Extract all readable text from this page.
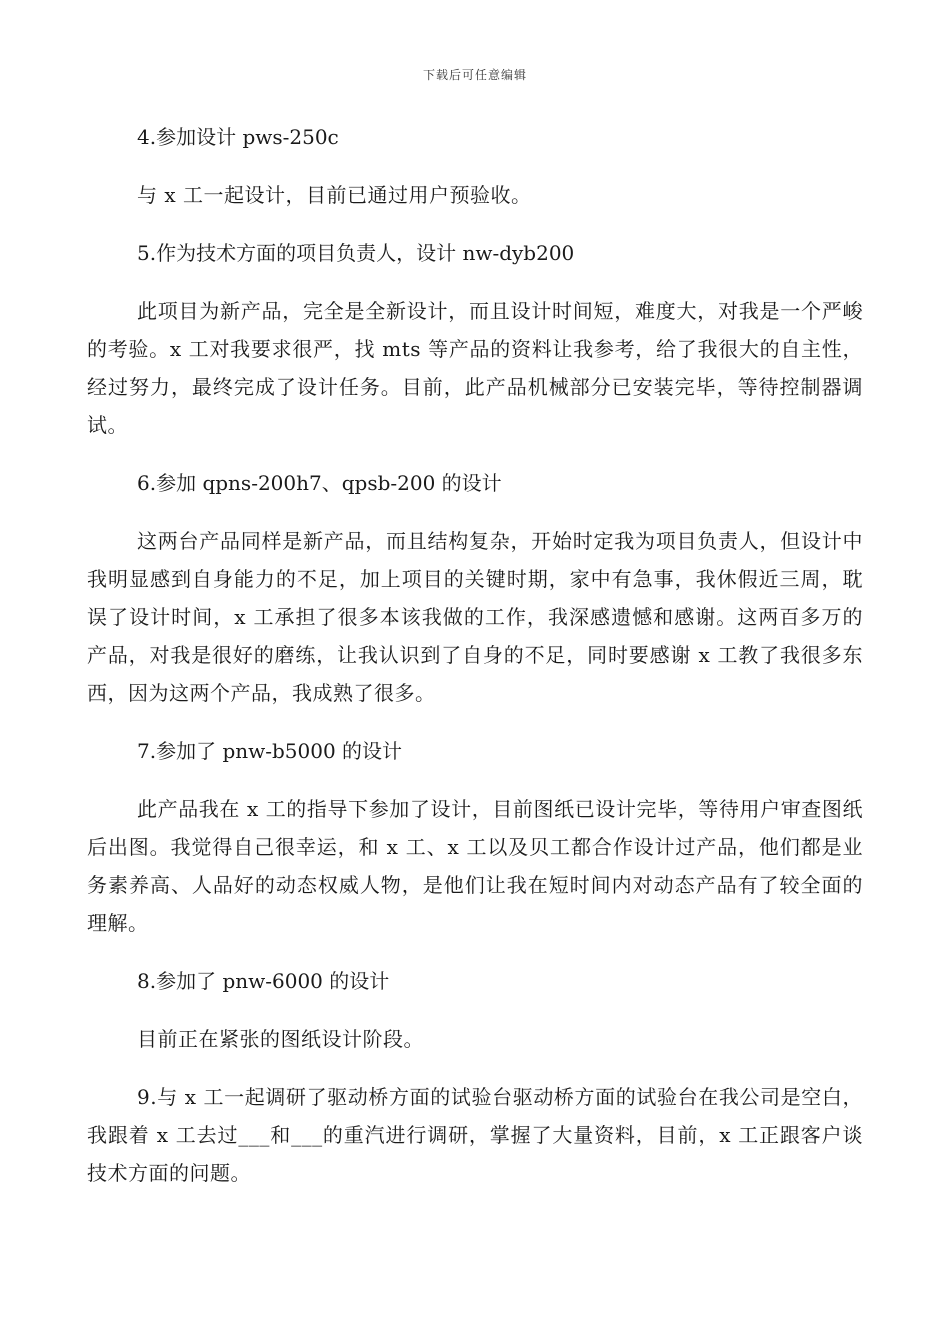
下载后可任意编辑

4.参加设计 pws-250c

与 x 工一起设计，目前已通过用户预验收。

5.作为技术方面的项目负责人，设计 nw-dyb200

此项目为新产品，完全是全新设计，而且设计时间短，难度大，对我是一个严峻的考验。x 工对我要求很严，找 mts 等产品的资料让我参考，给了我很大的自主性，经过努力，最终完成了设计任务。目前，此产品机械部分已安装完毕，等待控制器调试。

6.参加 qpns-200h7、qpsb-200 的设计

这两台产品同样是新产品，而且结构复杂，开始时定我为项目负责人，但设计中我明显感到自身能力的不足，加上项目的关键时期，家中有急事，我休假近三周，耽误了设计时间，x 工承担了很多本该我做的工作，我深感遗憾和感谢。这两百多万的产品，对我是很好的磨练，让我认识到了自身的不足，同时要感谢 x 工教了我很多东西，因为这两个产品，我成熟了很多。

7.参加了 pnw-b5000 的设计

此产品我在 x 工的指导下参加了设计，目前图纸已设计完毕，等待用户审查图纸后出图。我觉得自己很幸运，和 x 工、x 工以及贝工都合作设计过产品，他们都是业务素养高、人品好的动态权威人物，是他们让我在短时间内对动态产品有了较全面的理解。

8.参加了 pnw-6000 的设计

目前正在紧张的图纸设计阶段。

9.与 x 工一起调研了驱动桥方面的试验台驱动桥方面的试验台在我公司是空白，我跟着 x 工去过___和___的重汽进行调研，掌握了大量资料，目前，x 工正跟客户谈技术方面的问题。
